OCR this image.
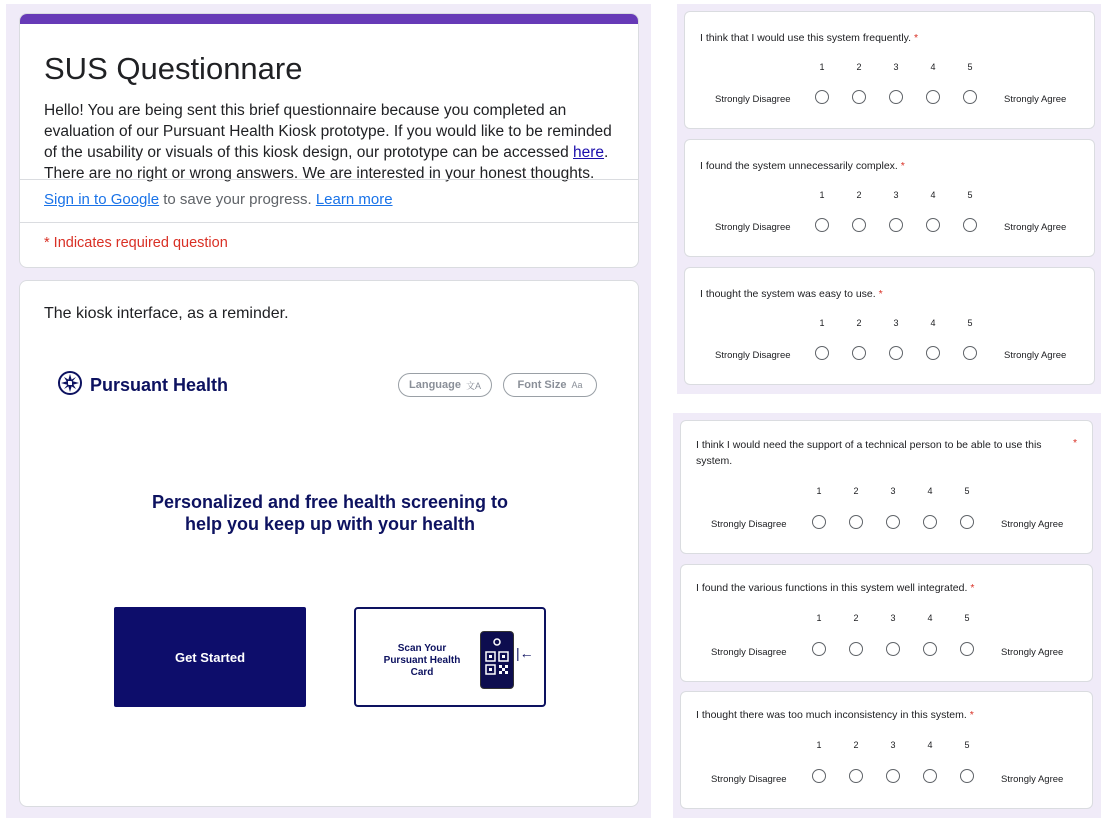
SUS Questionnare
Hello! You are being sent this brief questionnaire because you completed an evaluation of our Pursuant Health Kiosk prototype. If you would like to be reminded of the usability or visuals of this kiosk design, our prototype can be accessed here. There are no right or wrong answers. We are interested in your honest thoughts.
Sign in to Google to save your progress. Learn more
* Indicates required question
The kiosk interface, as a reminder.
Pursuant Health	Language 文A	Font Size Aa
Personalized and free health screening to
help you keep up with your health
Get Started
Scan Your
Pursuant Health
Card
|←
I think that I would use this system frequently. *
1	2	3	4	5
Strongly Disagree	Strongly Agree
I found the system unnecessarily complex. *
1	2	3	4	5
Strongly Disagree	Strongly Agree
I thought the system was easy to use. *
1	2	3	4	5
Strongly Disagree	Strongly Agree
I think I would need the support of a technical person to be able to use this
system.
*
1	2	3	4	5
Strongly Disagree	Strongly Agree
I found the various functions in this system well integrated. *
1	2	3	4	5
Strongly Disagree	Strongly Agree
I thought there was too much inconsistency in this system. *
1	2	3	4	5
Strongly Disagree	Strongly Agree
